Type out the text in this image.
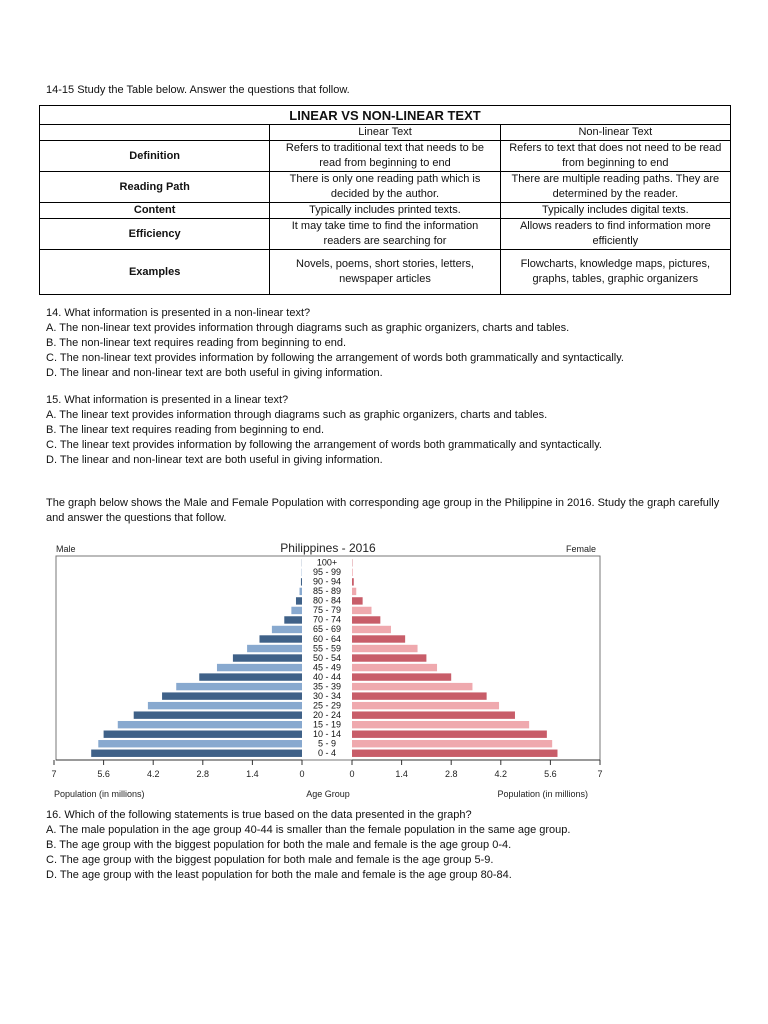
14-15 Study the Table below. Answer the questions that follow.
LINEAR VS NON-LINEAR TEXT		
	Linear Text	Non-linear Text
Definition	Refers to traditional text that needs to be read from beginning to end	Refers to text that does not need to be read from beginning to end
Reading Path	There is only one reading path which is decided by the author.	There are multiple reading paths. They are determined by the reader.
Content	Typically includes printed texts.	Typically includes digital texts.
Efficiency	It may take time to find the information readers are searching for	Allows readers to find information more efficiently
Examples	Novels, poems, short stories, letters, newspaper articles	Flowcharts, knowledge maps, pictures, graphs, tables, graphic organizers
14. What information is presented in a non-linear text?
A. The non-linear text provides information through diagrams such as graphic organizers, charts and tables.
B. The non-linear text requires reading from beginning to end.
C. The non-linear text provides information by following the arrangement of words both grammatically and syntactically.
D. The linear and non-linear text are both useful in giving information.
15. What information is presented in a linear text?
A. The linear text provides information through diagrams such as graphic organizers, charts and tables.
B. The linear text requires reading from beginning to end.
C. The linear text provides information by following the arrangement of words both grammatically and syntactically.
D. The linear and non-linear text are both useful in giving information.
The graph below shows the Male and Female Population with corresponding age group in the Philippine in 2016. Study the graph carefully and answer the questions that follow.
Male	Philippines - 2016	Female
0 - 4
5 - 9
10 - 14
15 - 19
20 - 24
25 - 29
30 - 34
35 - 39
40 - 44
45 - 49
50 - 54
55 - 59
60 - 64
65 - 69
70 - 74
75 - 79
80 - 84
85 - 89
90 - 94
95 - 99
100+
0	0
1.4	1.4
2.8	2.8
4.2	4.2
5.6	5.6
7	7
Population (in millions)	Age Group	Population (in millions)
16. Which of the following statements is true based on the data presented in the graph?
A. The male population in the age group 40-44 is smaller than the female population in the same age group.
B. The age group with the biggest population for both the male and female is the age group 0-4.
C. The age group with the biggest population for both male and female is the age group 5-9.
D. The age group with the least population for both the male and female is the age group 80-84.
